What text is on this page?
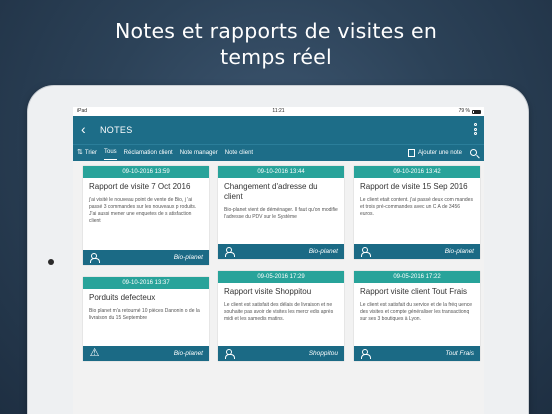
Notes et rapports de visites en
temps réel
iPad	11:21	79 %
‹ NOTES
⇅ Trier Tous Réclamation client Note manager Note client	Ajouter une note
09-10-2016 13:59
Rapport de visite 7 Oct 2016
j'ai visité le nouveau point de vente de Bio, j 'ai passé 3 commandes sur les nouveaux p roduits. J'ai aussi mener une enquetes de s atisfaction client
Bio-planet
09-10-2016 13:44
Changement d'adresse du client
Bio-planet vient de déménager. Il faut qu'on modifie l'adresse du PDV sur le Système
Bio-planet
09-10-2016 13:42
Rapport de visite 15 Sep 2016
Le client etait content. j'ai passé deux com mandes et trois pré-commandes avec un C A de 3456 euros.
Bio-planet
09-10-2016 13:37
Porduits defecteux
Bio planet m'a retourné 10 pièces Danonin o de la livraison du 15 Septembre
⚠	Bio-planet
09-05-2016 17:29
Rapport visite Shoppitou
Le client est satisfait des délais de livraison et ne souhaite pas avoir de visites les mercr edis après midi et les samedis matins.
Shoppitou
09-05-2016 17:22
Rapport visite client Tout Frais
Le client est satisfait du service et de la fréq uence des visites et compte généraliser les transactionq sur ses 3 boutiques à Lyon.
Tout Frais
